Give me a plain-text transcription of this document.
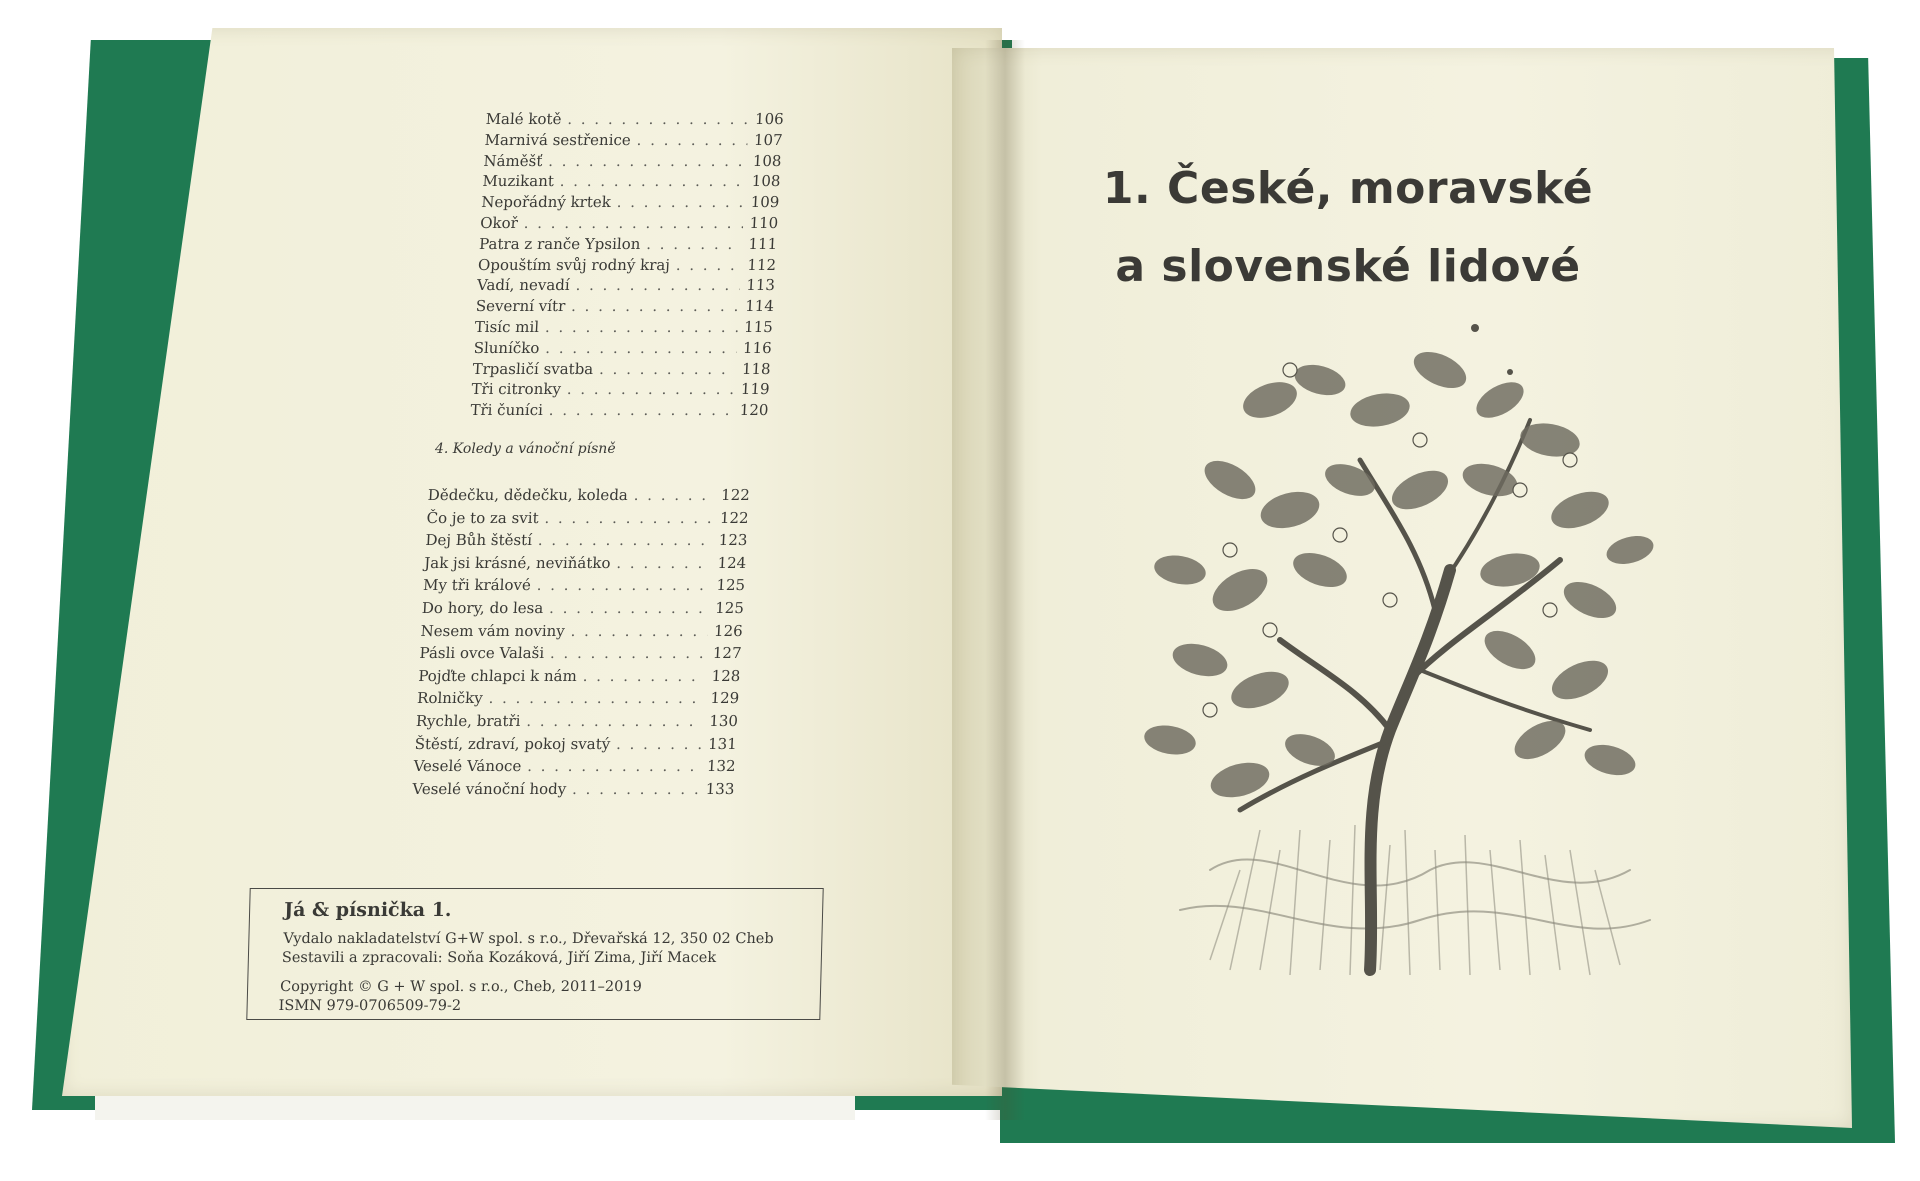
Malé kotě . . .	106
Marnivá sestřenice . . .	107
Náměšť . . .	108
Muzikant . . .	108
Nepořádný krtek . . .	109
Okoř . . .	110
Patra z ranče Ypsilon . . .	111
Opouštím svůj rodný kraj . . .	112
Vadí, nevadí . . .	113
Severní vítr . . .	114
Tisíc mil . . .	115
Sluníčko . . .	116
Trpasličí svatba . . .	118
Tři citronky . . .	119
Tři čuníci . . .	120
4. Koledy a vánoční písně
Dědečku, dědečku, koleda . . .	122
Čo je to za svit . . .	122
Dej Bůh štěstí . . .	123
Jak jsi krásné, neviňátko . . .	124
My tři králové . . .	125
Do hory, do lesa . . .	125
Nesem vám noviny . . .	126
Pásli ovce Valaši . . .	127
Pojďte chlapci k nám . . .	128
Rolničky . . .	129
Rychle, bratři . . .	130
Štěstí, zdraví, pokoj svatý . . .	131
Veselé Vánoce . . .	132
Veselé vánoční hody . . .	133
Já & písnička 1.
Vydalo nakladatelství G+W spol. s r.o., Dřevařská 12, 350 02 Cheb
Sestavili a zpracovali: Soňa Kozáková, Jiří Zima, Jiří Macek
Copyright © G + W spol. s r.o., Cheb, 2011–2019
ISMN 979-0706509-79-2
1. České, moravské
a slovenské lidové
